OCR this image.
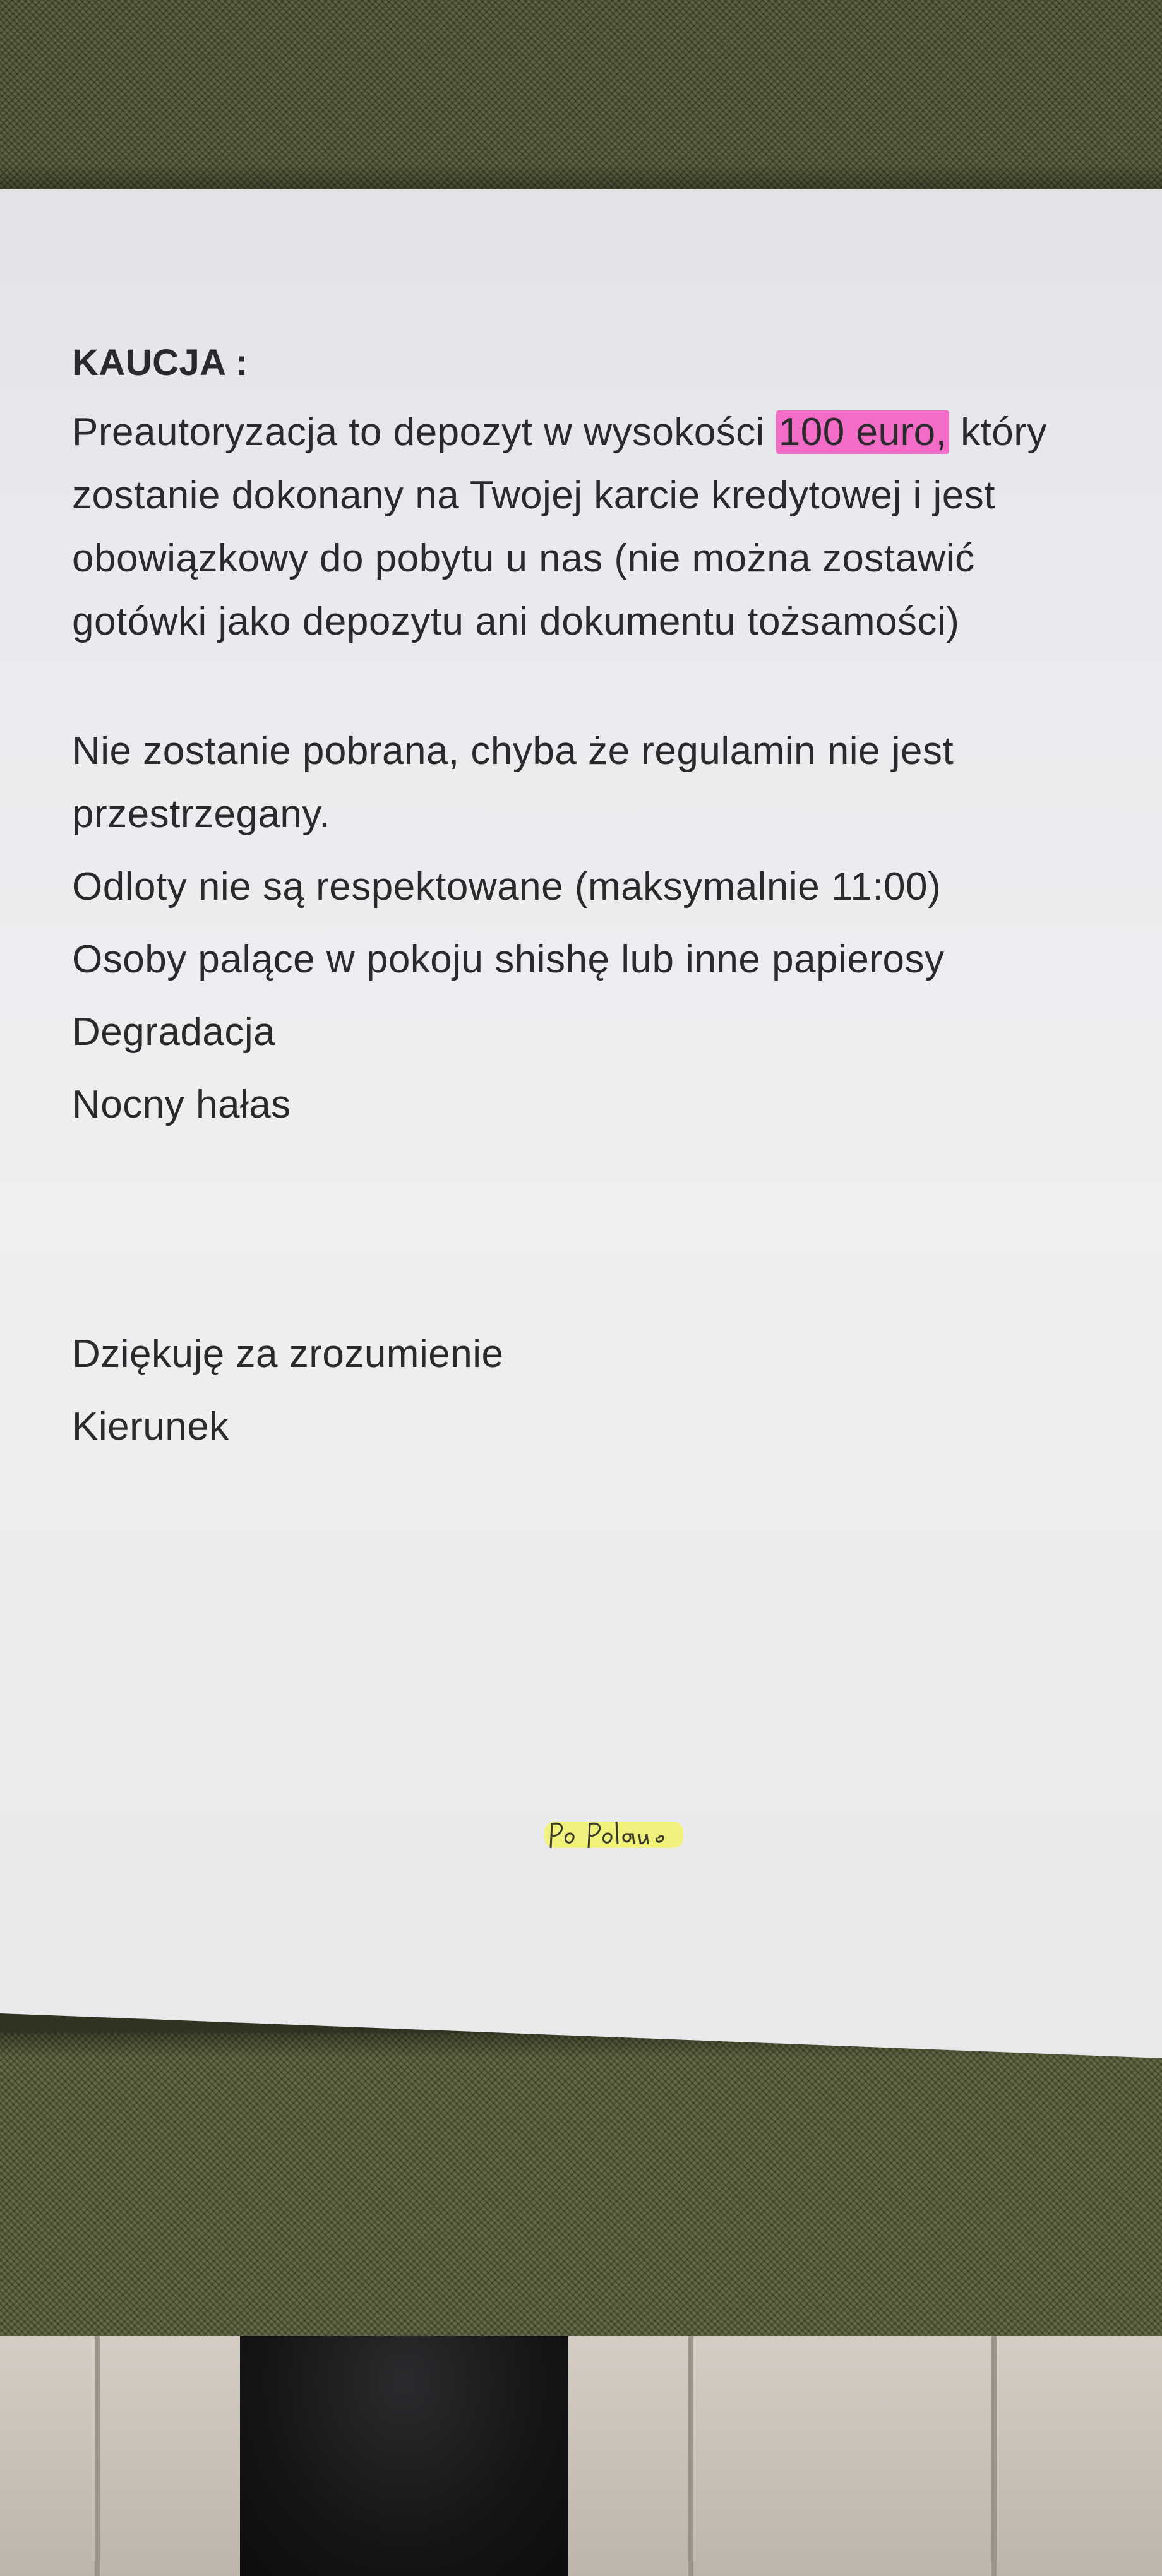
KAUCJA :

Preautoryzacja to depozyt w wysokości 100 euro, który zostanie dokonany na Twojej karcie kredytowej i jest obowiązkowy do pobytu u nas (nie można zostawić gotówki jako depozytu ani dokumentu tożsamości)

Nie zostanie pobrana, chyba że regulamin nie jest przestrzegany.
Odloty nie są respektowane (maksymalnie 11:00)
Osoby palące w pokoju shishę lub inne papierosy
Degradacja
Nocny hałas
Dziękuję za zrozumienie
Kierunek
